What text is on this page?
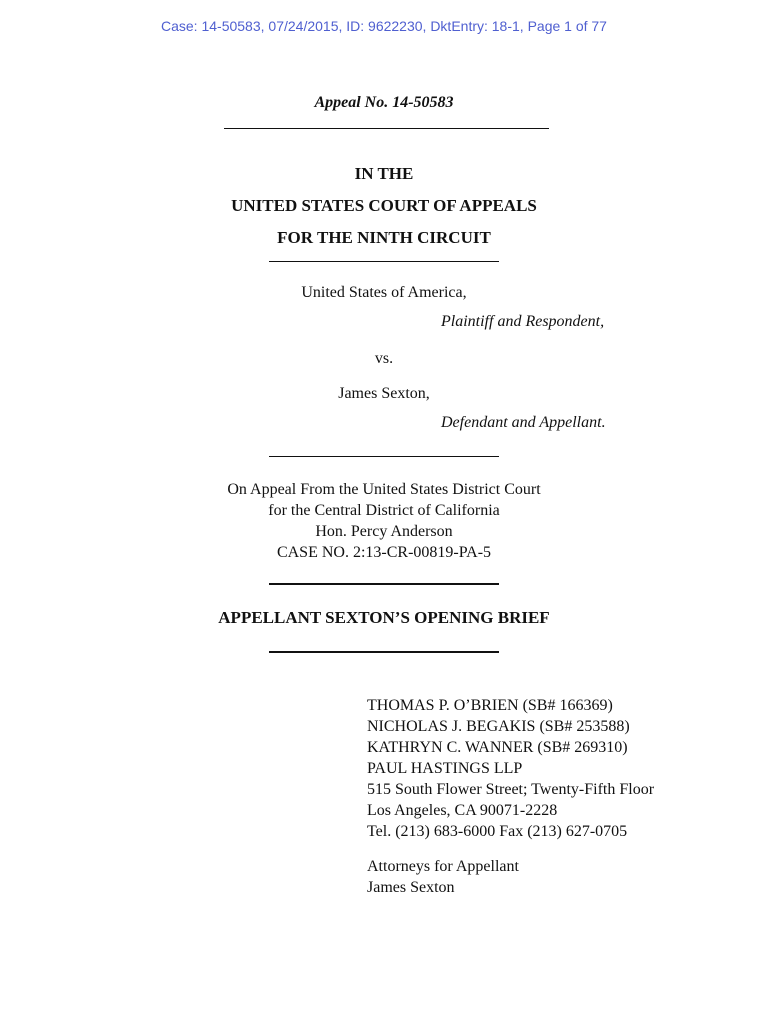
Case: 14-50583, 07/24/2015, ID: 9622230, DktEntry: 18-1, Page 1 of 77
Appeal No. 14-50583
IN THE
UNITED STATES COURT OF APPEALS
FOR THE NINTH CIRCUIT
United States of America,
Plaintiff and Respondent,
vs.
James Sexton,
Defendant and Appellant.
On Appeal From the United States District Court
for the Central District of California
Hon. Percy Anderson
CASE NO. 2:13-CR-00819-PA-5
APPELLANT SEXTON’S OPENING BRIEF
THOMAS P. O’BRIEN (SB# 166369)
NICHOLAS J. BEGAKIS (SB# 253588)
KATHRYN C. WANNER (SB# 269310)
PAUL HASTINGS LLP
515 South Flower Street; Twenty-Fifth Floor
Los Angeles, CA 90071-2228
Tel. (213) 683-6000 Fax (213) 627-0705
Attorneys for Appellant
James Sexton
